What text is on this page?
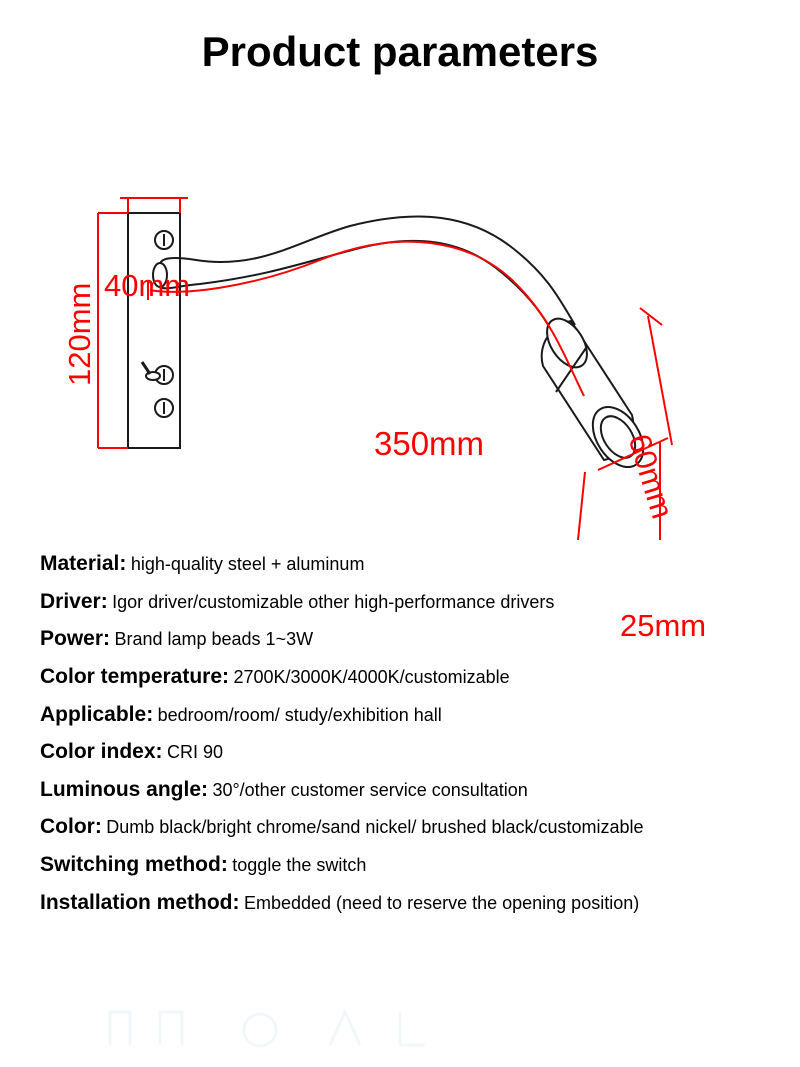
Product parameters
40mm
120mm
350mm	60mm
25mm
Material: high-quality steel + aluminum
Driver: Igor driver/customizable other high-performance drivers
Power: Brand lamp beads 1~3W
Color temperature: 2700K/3000K/4000K/customizable
Applicable: bedroom/room/ study/exhibition hall
Color index: CRI 90
Luminous angle: 30°/other customer service consultation
Color: Dumb black/bright chrome/sand nickel/ brushed black/customizable
Switching method: toggle the switch
Installation method: Embedded (need to reserve the opening position)
